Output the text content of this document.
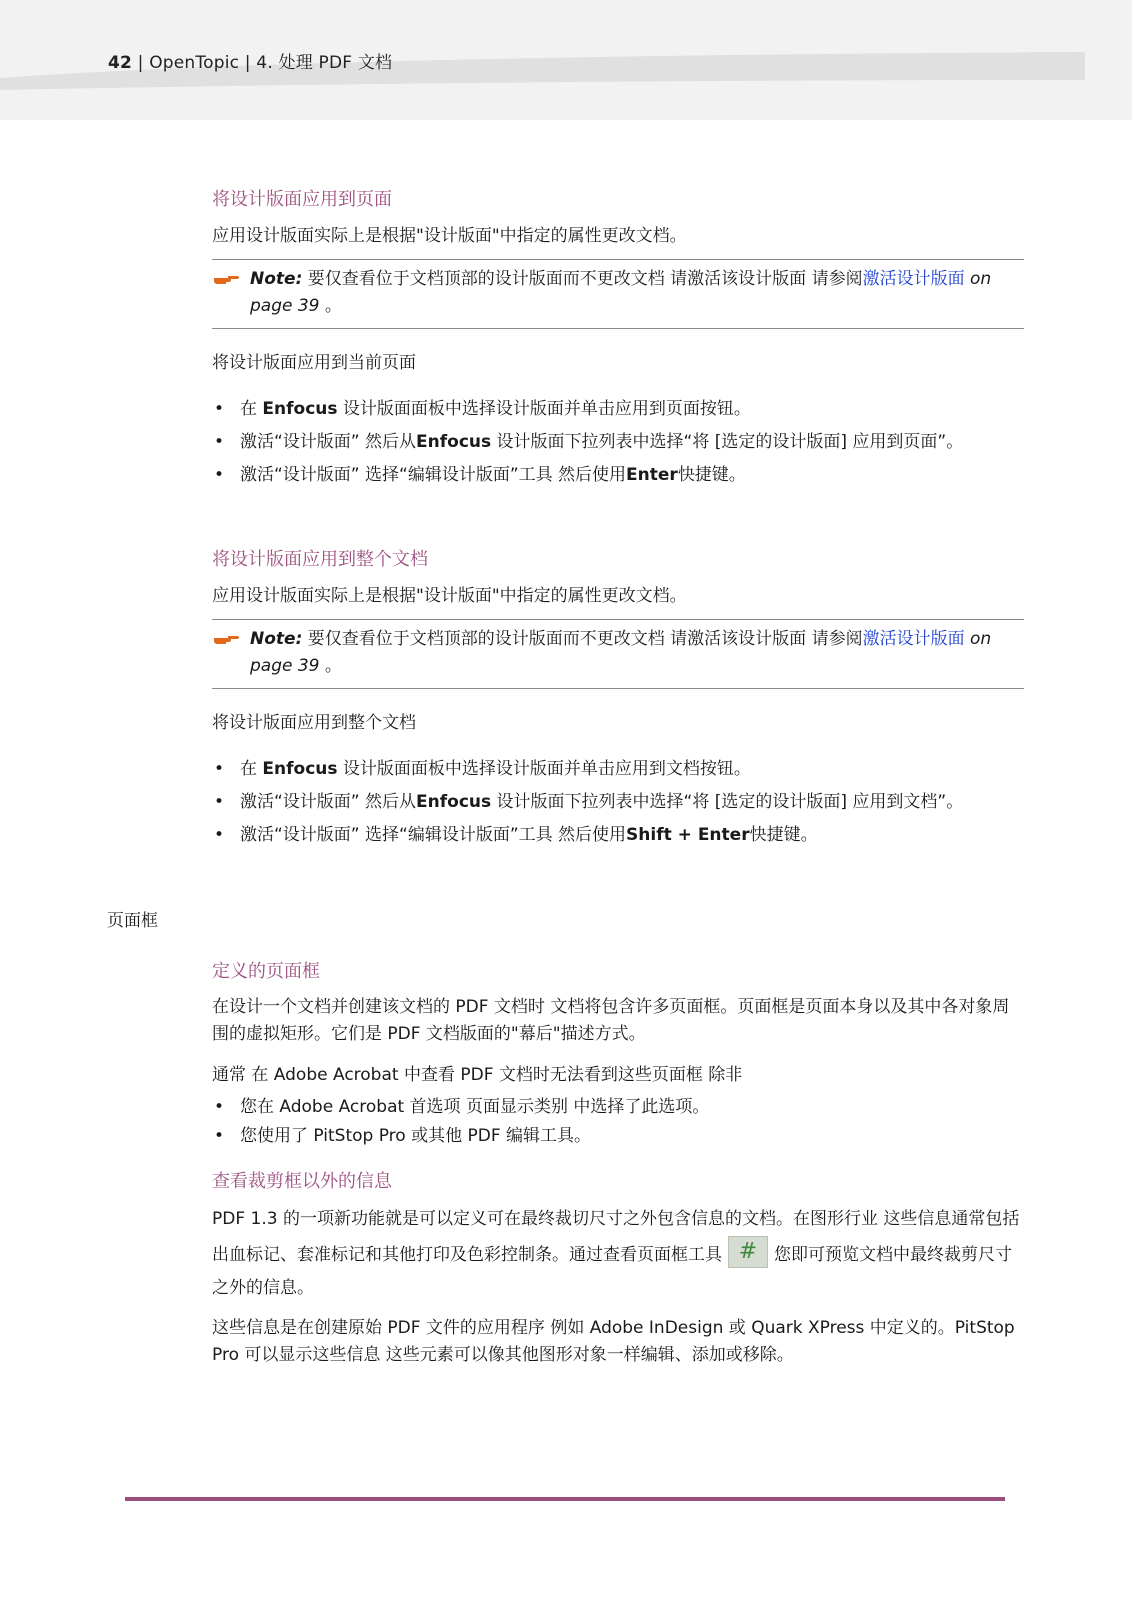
42 | OpenTopic | 4. 处理 PDF 文档
将设计版面应用到页面
应用设计版面实际上是根据"设计版面"中指定的属性更改文档。
Note: 要仅查看位于文档顶部的设计版面而不更改文档 请激活该设计版面 请参阅激活设计版面 on page 39 。
将设计版面应用到当前页面
• 在 Enfocus 设计版面面板中选择设计版面并单击应用到页面按钮。
• 激活“设计版面” 然后从Enfocus 设计版面下拉列表中选择“将 [选定的设计版面] 应用到页面”。
• 激活“设计版面” 选择“编辑设计版面”工具 然后使用Enter快捷键。
将设计版面应用到整个文档
应用设计版面实际上是根据"设计版面"中指定的属性更改文档。
Note: 要仅查看位于文档顶部的设计版面而不更改文档 请激活该设计版面 请参阅激活设计版面 on page 39 。
将设计版面应用到整个文档
• 在 Enfocus 设计版面面板中选择设计版面并单击应用到文档按钮。
• 激活“设计版面” 然后从Enfocus 设计版面下拉列表中选择“将 [选定的设计版面] 应用到文档”。
• 激活“设计版面” 选择“编辑设计版面”工具 然后使用Shift + Enter快捷键。
页面框
定义的页面框
在设计一个文档并创建该文档的 PDF 文档时 文档将包含许多页面框。页面框是页面本身以及其中各对象周围的虚拟矩形。它们是 PDF 文档版面的"幕后"描述方式。
通常 在 Adobe Acrobat 中查看 PDF 文档时无法看到这些页面框 除非
• 您在 Adobe Acrobat 首选项 页面显示类别 中选择了此选项。
• 您使用了 PitStop Pro 或其他 PDF 编辑工具。
查看裁剪框以外的信息
PDF 1.3 的一项新功能就是可以定义可在最终裁切尺寸之外包含信息的文档。在图形行业 这些信息通常包括出血标记、套准标记和其他打印及色彩控制条。通过查看页面框工具 # 您即可预览文档中最终裁剪尺寸之外的信息。
这些信息是在创建原始 PDF 文件的应用程序 例如 Adobe InDesign 或 Quark XPress 中定义的。PitStop Pro 可以显示这些信息 这些元素可以像其他图形对象一样编辑、添加或移除。
